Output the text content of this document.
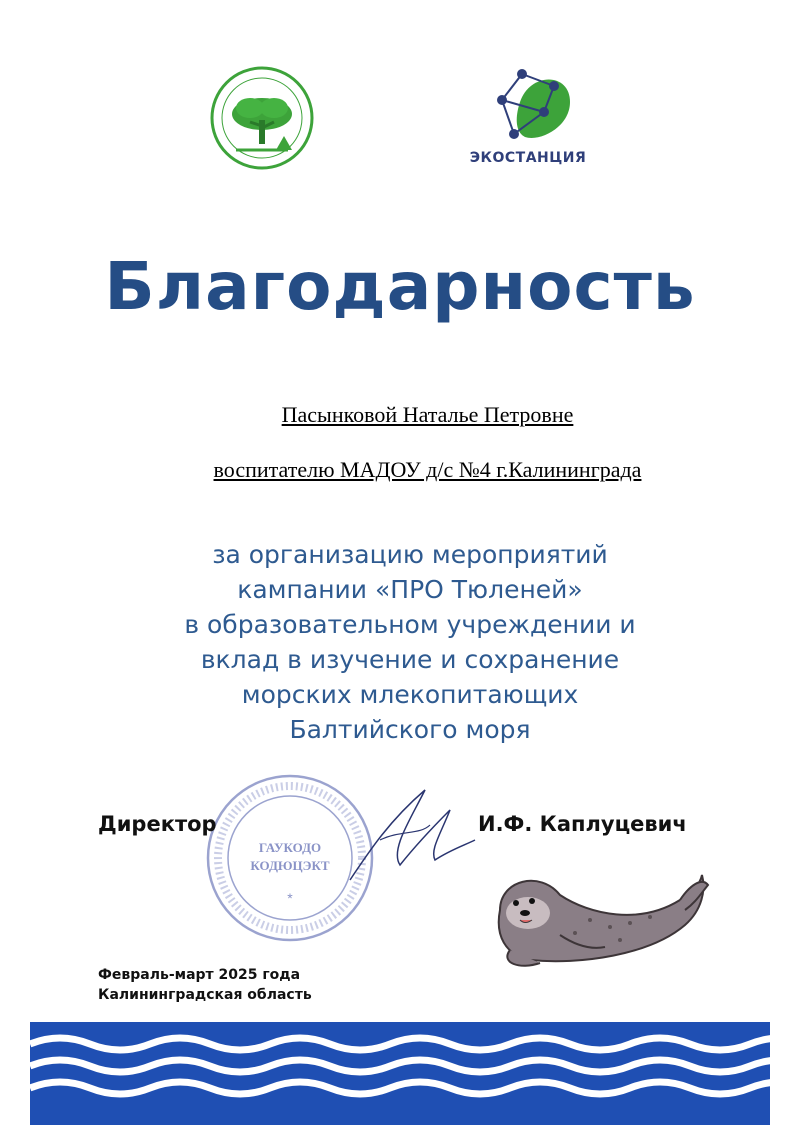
ЭКОСТАНЦИЯ
Благодарность
Пасынковой Наталье Петровне
воспитателю МАДОУ д/с №4 г.Калининграда
за организацию мероприятий
кампании «ПРО Тюленей»
в образовательном учреждении и
вклад в изучение и сохранение
морских млекопитающих
Балтийского моря
ГАУКОДО
КОДЮЦЭКТ
*
Директор	И.Ф. Каплуцевич
Февраль-март 2025 года
Калининградская область
